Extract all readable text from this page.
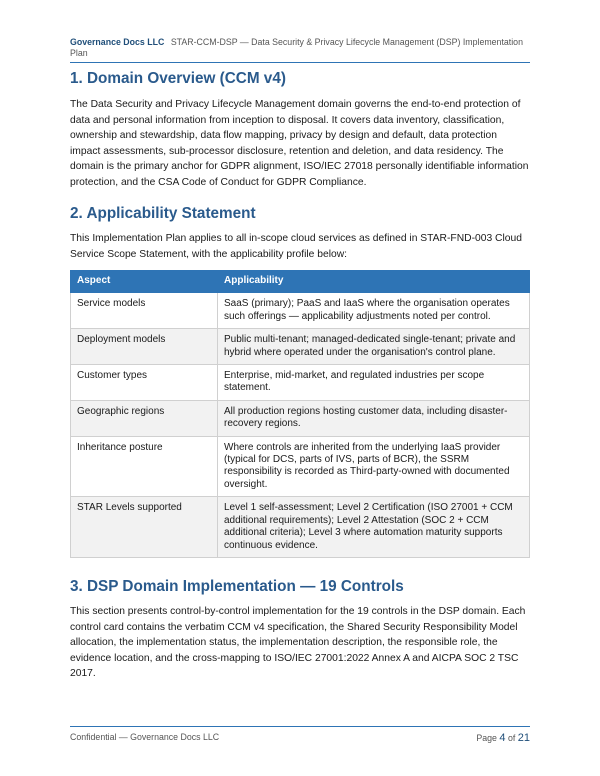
Governance Docs LLC STAR-CCM-DSP — Data Security & Privacy Lifecycle Management (DSP) Implementation Plan
1. Domain Overview (CCM v4)

The Data Security and Privacy Lifecycle Management domain governs the end-to-end protection of data and personal information from inception to disposal. It covers data inventory, classification, ownership and stewardship, data flow mapping, privacy by design and default, data protection impact assessments, sub-processor disclosure, retention and deletion, and data residency. The domain is the primary anchor for GDPR alignment, ISO/IEC 27018 personally identifiable information protection, and the CSA Code of Conduct for GDPR Compliance.

2. Applicability Statement

This Implementation Plan applies to all in-scope cloud services as defined in STAR-FND-003 Cloud Service Scope Statement, with the applicability profile below:

Aspect	Applicability
Service models	SaaS (primary); PaaS and IaaS where the organisation operates such offerings — applicability adjustments noted per control.
Deployment models	Public multi-tenant; managed-dedicated single-tenant; private and hybrid where operated under the organisation's control plane.
Customer types	Enterprise, mid-market, and regulated industries per scope statement.
Geographic regions	All production regions hosting customer data, including disaster-recovery regions.
Inheritance posture	Where controls are inherited from the underlying IaaS provider (typical for DCS, parts of IVS, parts of BCR), the SSRM responsibility is recorded as Third-party-owned with documented oversight.
STAR Levels supported	Level 1 self-assessment; Level 2 Certification (ISO 27001 + CCM additional requirements); Level 2 Attestation (SOC 2 + CCM additional criteria); Level 3 where automation maturity supports continuous evidence.
3. DSP Domain Implementation — 19 Controls

This section presents control-by-control implementation for the 19 controls in the DSP domain. Each control card contains the verbatim CCM v4 specification, the Shared Security Responsibility Model allocation, the implementation status, the implementation description, the responsible role, the evidence location, and the cross-mapping to ISO/IEC 27001:2022 Annex A and AICPA SOC 2 TSC 2017.

Confidential — Governance Docs LLC	Page 4 of 21
